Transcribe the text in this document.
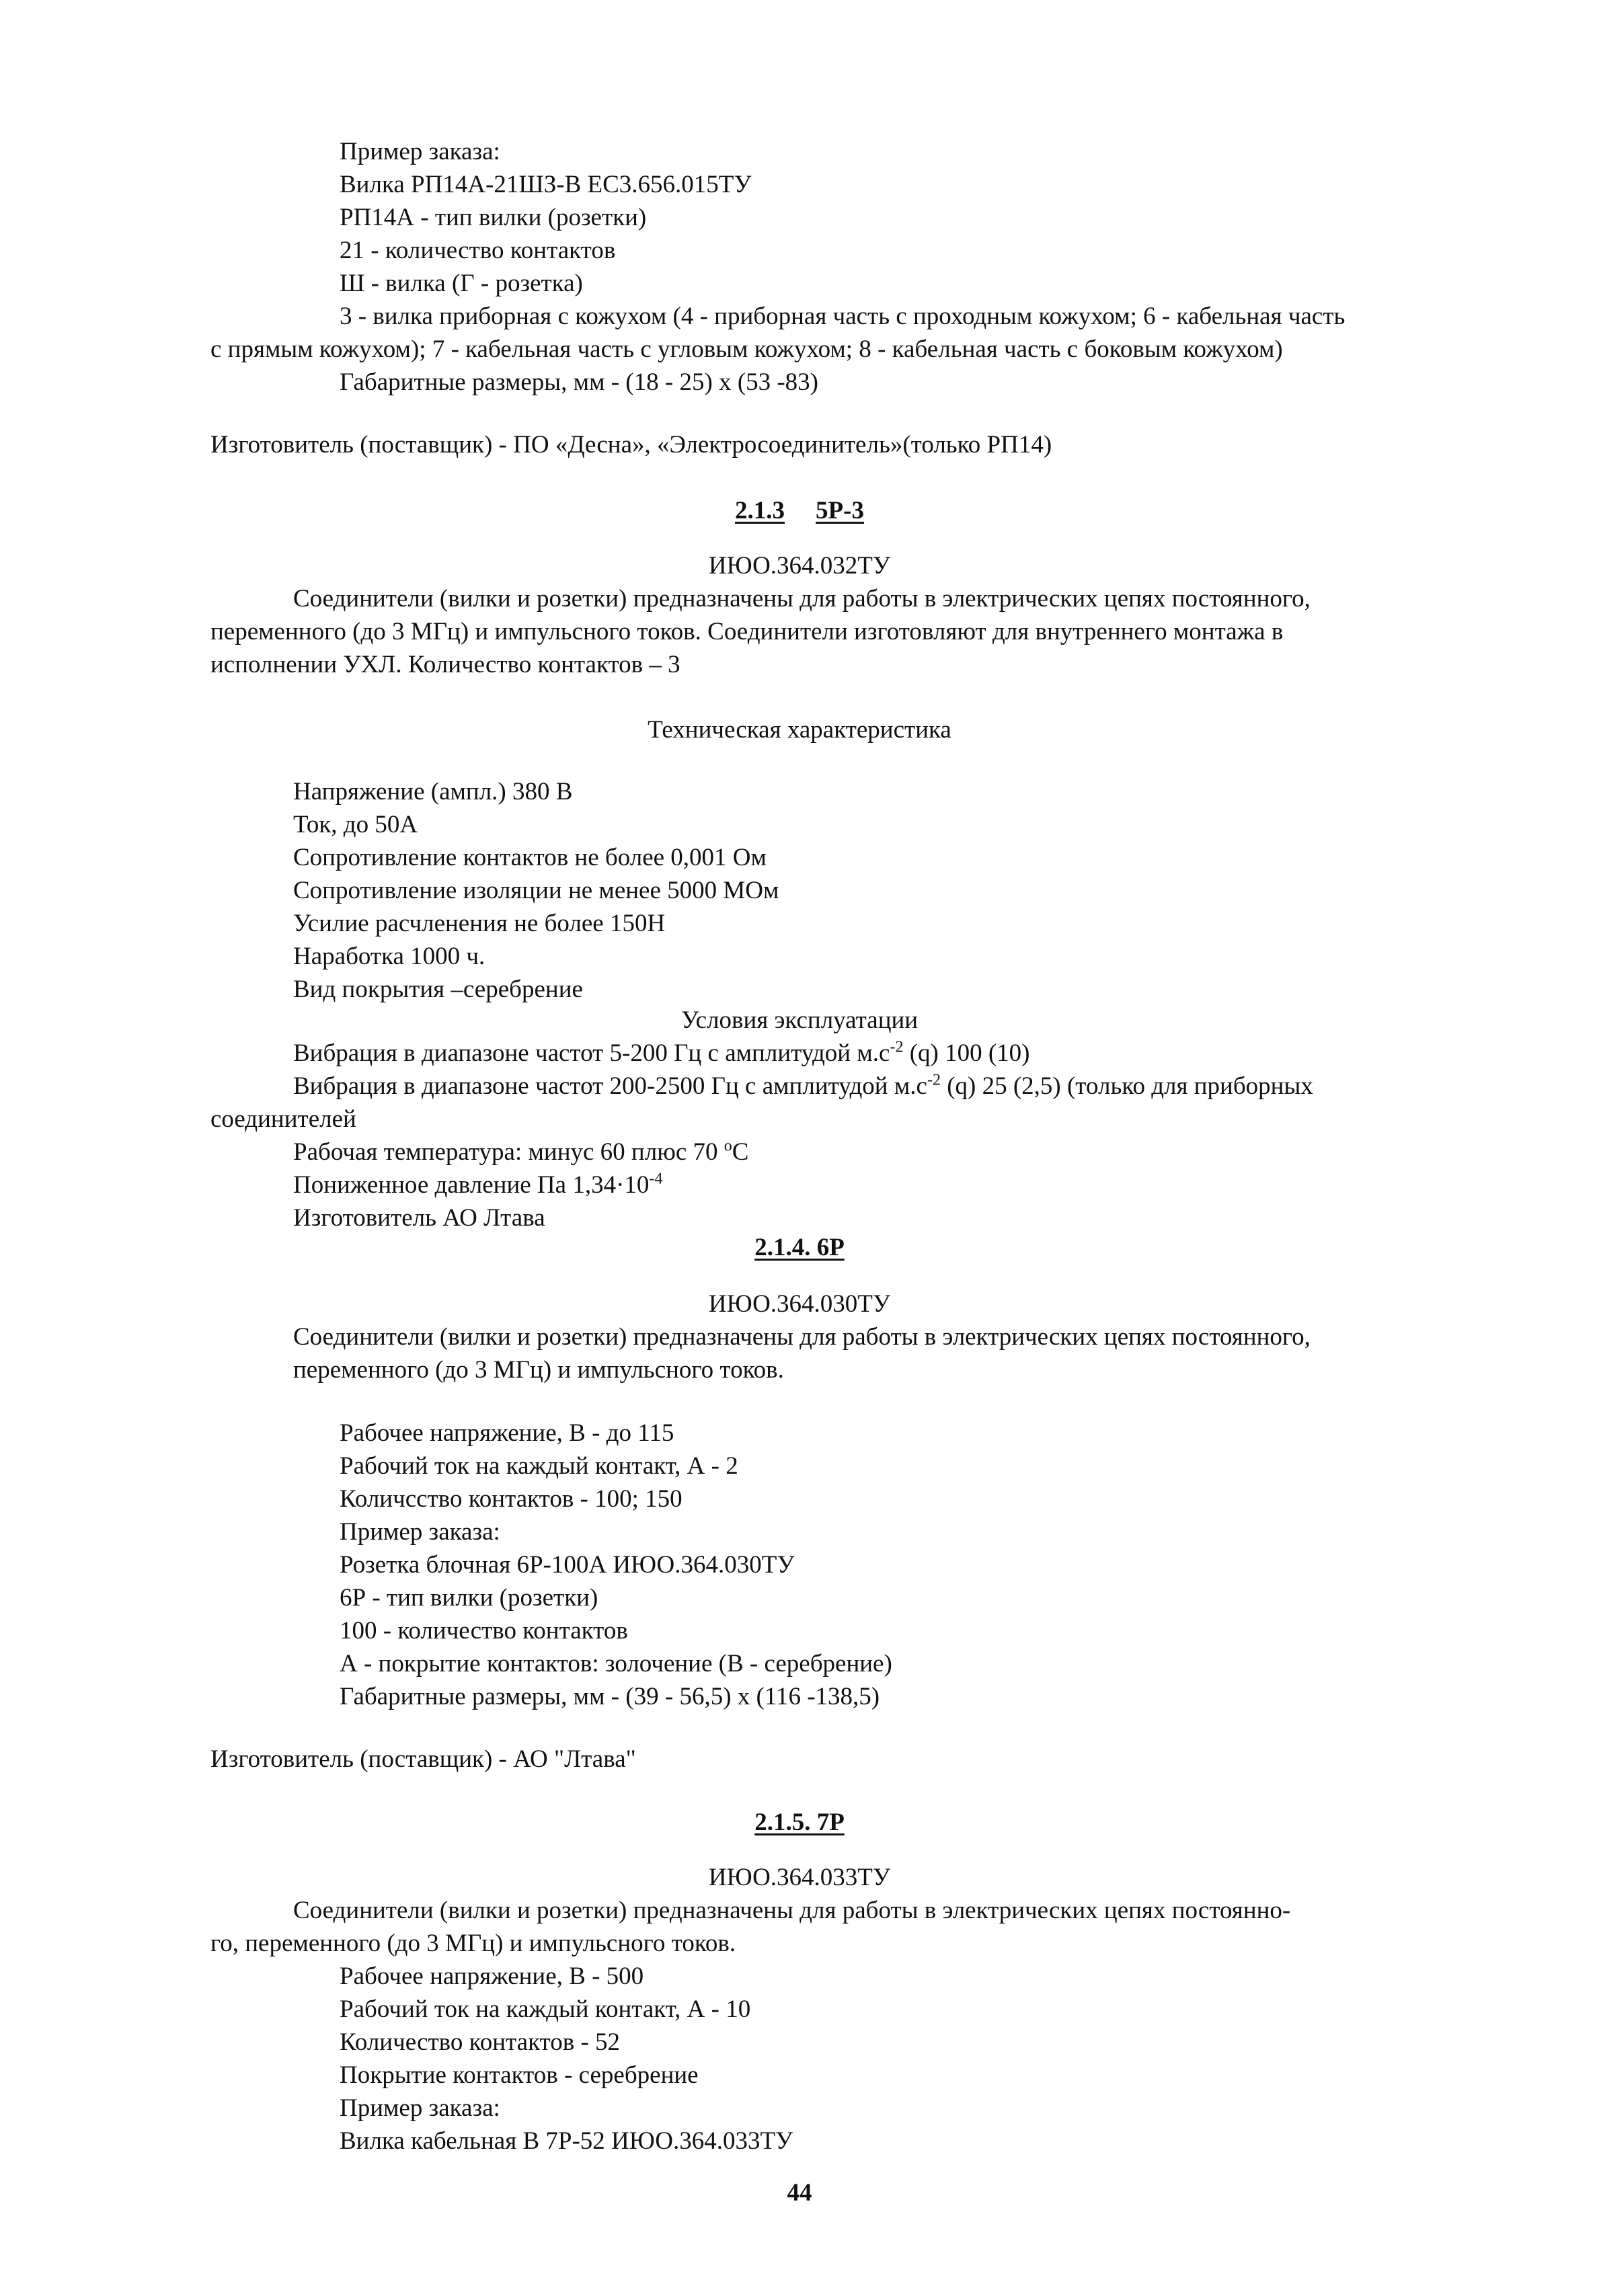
Пример заказа:
Вилка РП14А-21ШЗ-В ЕС3.656.015ТУ
РП14А - тип вилки (розетки)
21 - количество контактов
Ш - вилка (Г - розетка)
3 - вилка приборная с кожухом (4 - приборная часть с проходным кожухом; 6 - кабельная часть
с прямым кожухом); 7 - кабельная часть с угловым кожухом; 8 - кабельная часть с боковым кожухом)
Габаритные размеры, мм - (18 - 25) х (53 -83)
Изготовитель (поставщик) - ПО «Десна», «Электросоединитель»(только РП14)
2.1.3 5Р-3
ИЮО.364.032ТУ
Соединители (вилки и розетки) предназначены для работы в электрических цепях постоянного,
переменного (до 3 МГц) и импульсного токов. Соединители изготовляют для внутреннего монтажа в
исполнении УХЛ. Количество контактов – 3
Техническая характеристика
Напряжение (ампл.) 380 В
Ток, до 50А
Сопротивление контактов не более 0,001 Ом
Сопротивление изоляции не менее 5000 МОм
Усилие расчленения не более 150Н
Наработка 1000 ч.
Вид покрытия –серебрение
Условия эксплуатации
Вибрация в диапазоне частот 5-200 Гц с амплитудой $м.с^{-2}$ (q) 100 (10)
Вибрация в диапазоне частот 200-2500 Гц с амплитудой $м.с^{-2}$ (q) 25 (2,5) (только для приборных
соединителей
Рабочая температура: минус 60 плюс 70 $^о$С
Пониженное давление Па $1,34\cdot 10^{-4}$
Изготовитель АО Лтава
2.1.4. 6Р
ИЮО.364.030ТУ
Соединители (вилки и розетки) предназначены для работы в электрических цепях постоянного,
переменного (до 3 МГц) и импульсного токов.
Рабочее напряжение, В - до 115
Рабочий ток на каждый контакт, А - 2
Количсство контактов - 100; 150
Пример заказа:
Розетка блочная 6Р-100А ИЮО.364.030ТУ
6Р - тип вилки (розетки)
100 - количество контактов
А - покрытие контактов: золочение (В - серебрение)
Габаритные размеры, мм - (39 - 56,5) х (116 -138,5)
Изготовитель (поставщик) - АО "Лтава"
2.1.5. 7Р
ИЮО.364.033ТУ
Соединители (вилки и розетки) предназначены для работы в электрических цепях постоянно-
го, переменного (до 3 МГц) и импульсного токов.
Рабочее напряжение, В - 500
Рабочий ток на каждый контакт, А - 10
Количество контактов - 52
Покрытие контактов - серебрение
Пример заказа:
Вилка кабельная В 7Р-52 ИЮО.364.033ТУ
44
